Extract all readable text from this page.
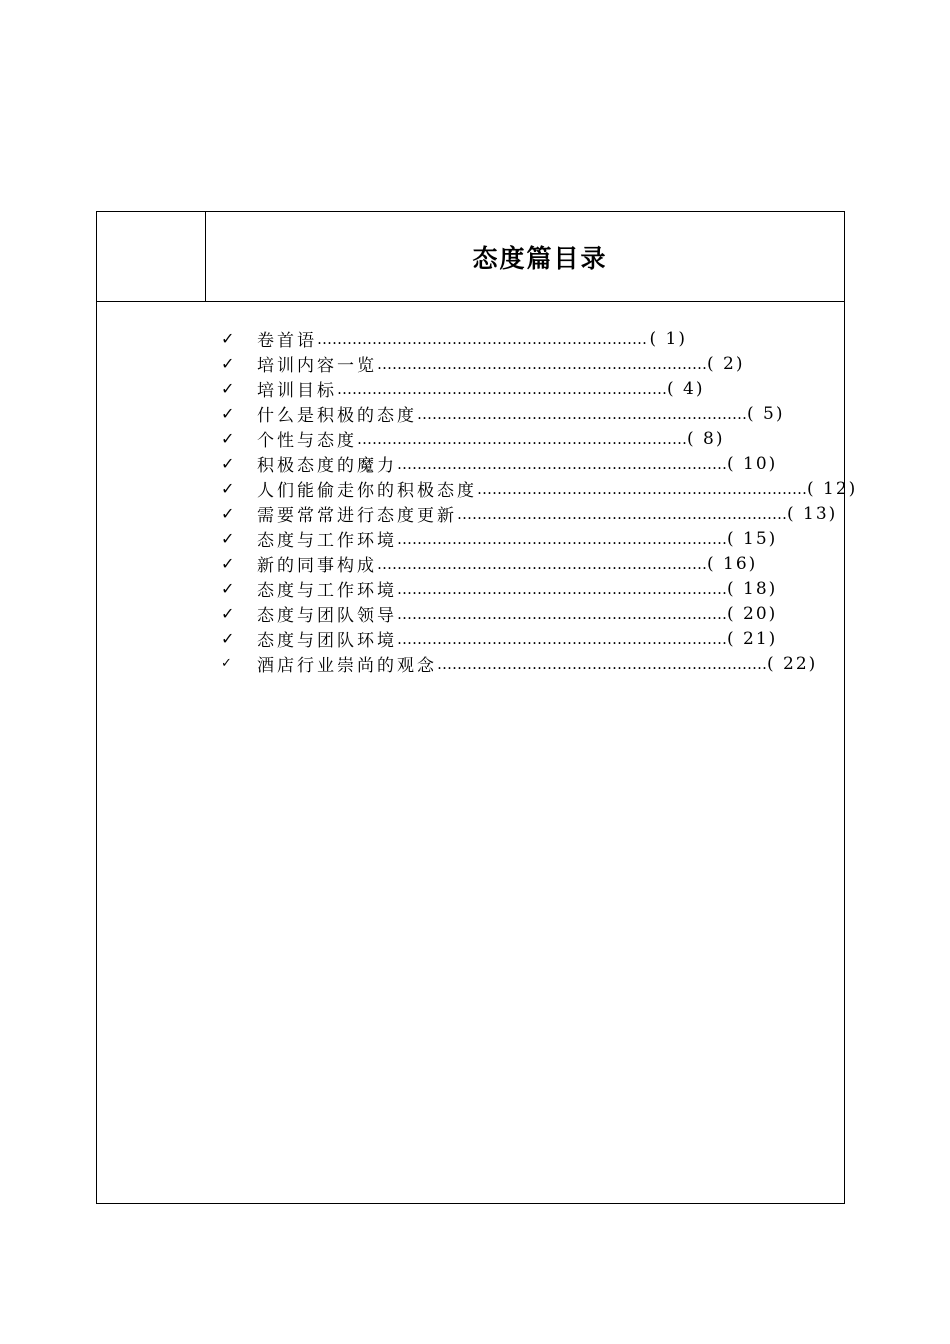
态度篇目录
✓	卷首语 ………………………………………………………… ( 1)
✓	培训内容一览 ………………………………………………………… ( 2)
✓	培训目标 ………………………………………………………… ( 4)
✓	什么是积极的态度 ………………………………………………………… ( 5)
✓	个性与态度 ………………………………………………………… ( 8)
✓	积极态度的魔力 ………………………………………………………… ( 10)
✓	人们能偷走你的积极态度 ………………………………………………………… ( 12)
✓	需要常常进行态度更新 ………………………………………………………… ( 13)
✓	态度与工作环境 ………………………………………………………… ( 15)
✓	新的同事构成 ………………………………………………………… ( 16)
✓	态度与工作环境 ………………………………………………………… ( 18)
✓	态度与团队领导 ………………………………………………………… ( 20)
✓	态度与团队环境 ………………………………………………………… ( 21)
✓	酒店行业崇尚的观念 ………………………………………………………… ( 22)
